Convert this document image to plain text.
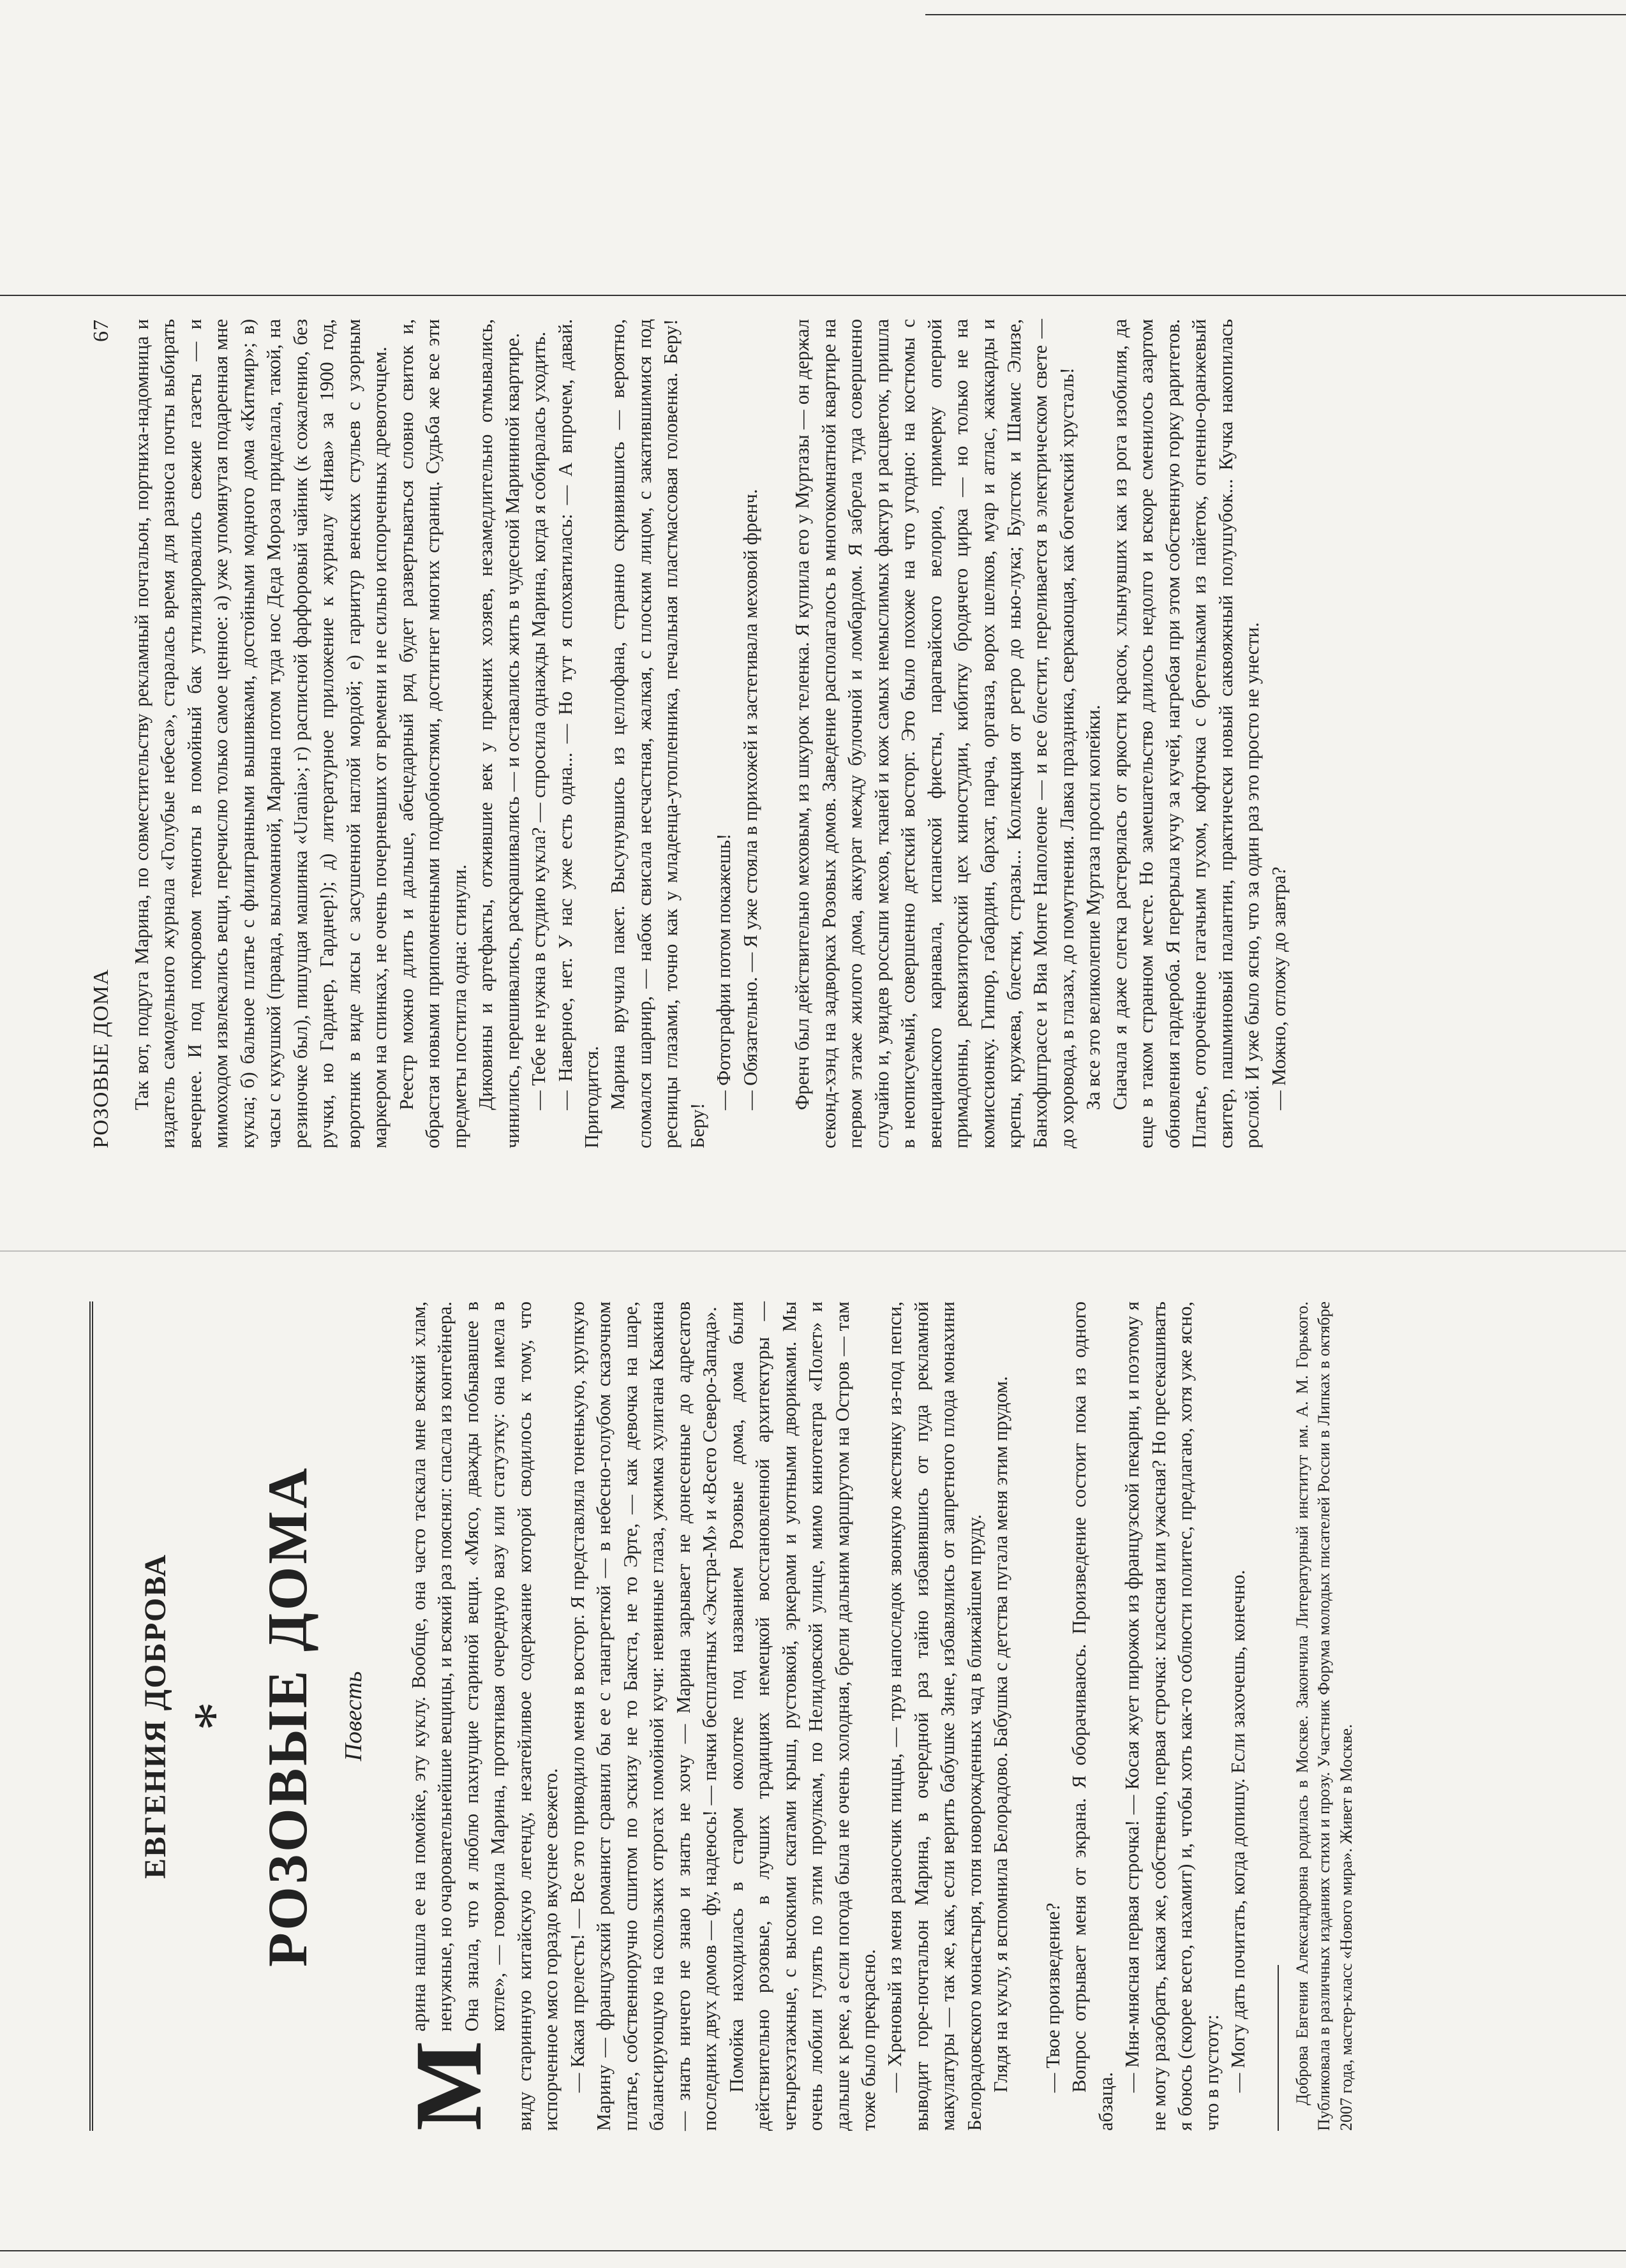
ЕВГЕНИЯ ДОБРОВА * РОЗОВЫЕ ДОМА Повесть

М
арина нашла ее на помойке, эту куклу. Вообще, она часто таскала мне всякий хлам, ненужные, но очаровательнейшие вещицы, и всякий раз пояснял: спасла из контейнера. Она знала, что я люблю пахнущие стариной вещи. «Мясо, дважды побывавшее в котле», — говорила Марина, протягивая очередную вазу или статуэтку: она имела в виду старинную китайскую легенду, незатейливое содержание которой сводилось к тому, что испорченное мясо гораздо вкуснее свежего. — Какая прелесть! — Все это приводило меня в восторг. Я представляла тоненькую, хрупкую Марину — французский романист сравнил бы ее с танагреткой — в небесно-голубом сказочном платье, собственноручно сшитом по эскизу не то Бакста, не то Эрте, — как девочка на шаре, балансирующую на скользких отрогах помойной кучи: невинные глаза, ужимка хулигана Квакина — знать ничего не знаю и знать не хочу — Марина зарывает не донесенные до адресатов последних двух домов — фу, надеюсь! — пачки бесплатных «Экстра-М» и «Всего Северо-Запада». Помойка находилась в старом околотке под названием Розовые дома, дома были действительно розовые, в лучших традициях немецкой восстановленной архитектуры — четырехэтажные, с высокими скатами крыш, рустовкой, эркерами и уютными двориками. Мы очень любили гулять по этим проулкам, по Нелидовской улице, мимо кинотеатра «Полет» и дальше к реке, а если погода была не очень холодная, брели дальним маршрутом на Остров — там тоже было прекрасно. — Хреновый из меня разносчик пиццы, — трув напоследок звонкую жестянку из-под пепси, выводит горе-почтальон Марина, в очередной раз тайно избавившись от пуда рекламной макулатуры — так же, как, если верить бабушке Зине, избавлялись от запретного плода монахини Белорадовского монастыря, топя новорожденных чад в ближайшем пруду. Глядя на куклу, я вспомнила Белорадово. Бабушка с детства пугала меня этим прудом. — Твое произведение? Вопрос отрывает меня от экрана. Я оборачиваюсь. Произведение состоит пока из одного абзаца.

— Мня-мнясная первая строчка! — Косая жует пирожок из французской пекарни, и поэтому я не могу разобрать, какая же, собственно, первая строчка: классная или ужасная? Но пресекашивать я боюсь (скорее всего, нахамит) и, чтобы хоть как-то соблюсти политес, предлагаю, хотя уже ясно, что в пустоту: — Могу дать почитать, когда допишу. Если захочешь, конечно.	Доброва Евгения Александровна родилась в Москве. Закончила Литературный институт им. А. М. Горького. Публиковала в различных изданиях стихи и прозу. Участник Форума молодых писателей России в Липках в октябре 2007 года, мастер-класс «Нового мира». Живет в Москве.

РОЗОВЫЕ ДОМА
67 Так вот, подруга Марина, по совместительству рекламный почтальон, портниха-надомница и издатель самодельного журнала «Голубые небеса», старалась время для разноса почты выбирать вечернее. И под покровом темноты в помойный бак утилизировались свежие газеты — и мимоходом извлекались вещи, перечислю только самое ценное: а) уже упомянутая подаренная мне кукла; б) бальное платье с филигранными вышивками, достойными модного дома «Китмир»; в) часы с кукушкой (правда, выломанной, Марина потом туда нос Деда Мороза приделала, такой, на резиночке был), пишущая машинка «Urania»; г) расписной фарфоровый чайник (к сожалению, без ручки, но Гарднер, Гарднер!); д) литературное приложение к журналу «Нива» за 1900 год, воротник в виде лисы с засушенной наглой мордой; е) гарнитур венских стульев с узорным маркером на спинках, не очень почерневших от времени и не сильно испорченных древоточцем. Реестр можно длить и дальше, абецедарный ряд будет развертываться словно свиток и, обрастая новыми припомненными подробностями, достигнет многих страниц. Судьба же все эти предметы постигла одна: сгинули. Диковины и артефакты, отжившие век у прежних хозяев, незамедлительно отмывались, чинились, перешивались, раскрашивались — и оставались жить в чудесной Марининой квартире. — Тебе не нужна в студию кукла? — спросила однажды Марина, когда я собиралась уходить. — Наверное, нет. У нас уже есть одна... — Но тут я спохватилась: — А впрочем, давай. Пригодится. Марина вручила пакет. Высунувшись из целлофана, странно скривившись — вероятно, сломался шарнир, — набок свисала несчастная, жалкая, с плоским лицом, с закатившимися под ресницы глазами, точно как у младенца-утопленника, печальная пластмассовая головенка. Беру! Беру!

— Фотографии потом покажешь! — Обязательно. — Я уже стояла в прихожей и застегивала меховой френч. Френч был действительно меховым, из шкурок теленка. Я купила его у Муртазы — он держал секонд-хэнд на задворках Розовых домов. Заведение располагалось в многокомнатной квартире на первом этаже жилого дома, аккурат между булочной и ломбардом. Я забрела туда совершенно случайно и, увидев россыпи мехов, тканей и кож самых немыслимых фактур и расцветок, пришла в неописуемый, совершенно детский восторг. Это было похоже на что угодно: на костюмы с венецианского карнавала, испанской фиесты, парагвайского велорио, примерку оперной примадонны, реквизиторский цех киностудии, кибитку бродячего цирка — но только не на комиссионку. Гипюр, габардин, бархат, парча, органза, ворох шелков, муар и атлас, жаккарды и крепы, кружева, блестки, стразы... Коллекция от ретро до нью-лука; Булсток и Шамис Элизе, Банхофштрассе и Виа Монте Наполеоне — и все блестит, переливается в электрическом свете — до хоровода, в глазах, до помутнения. Лавка праздника, сверкающая, как богемский хрусталь! За все это великолепие Муртаза просил копейки. Сначала я даже слегка растерялась от яркости красок, хлынувших как из рога изобилия, да еще в таком странном месте. Но замешательство длилось недолго и вскоре сменилось азартом обновления гардероба. Я перерыла кучу за кучей, нагребая при этом собственную горку раритетов. Платье, оторочённое гагачьим пухом, кофточка с бретельками из пайеток, огненно-оранжевый свитер, пашминовый палантин, практически новый саквояжный полушубок... Кучка накопилась рослой. И уже было ясно, что за один раз это просто не унести. — Можно, отложу до завтра?
